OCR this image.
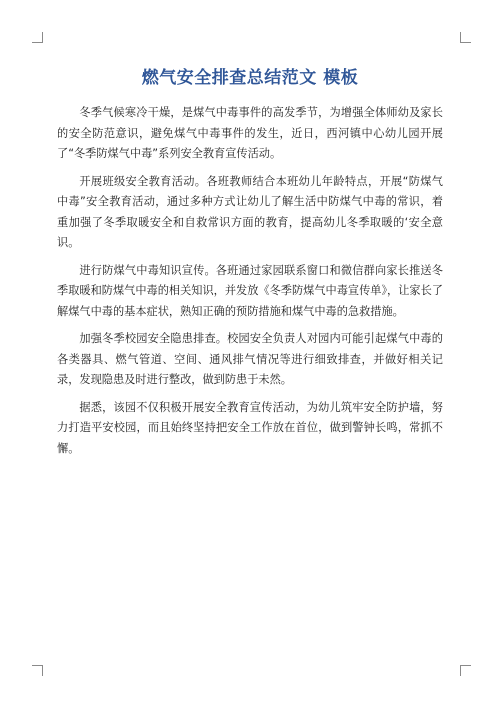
燃气安全排查总结范文 模板

冬季气候寒冷干燥，是煤气中毒事件的高发季节，为增强全体师幼及家长的安全防范意识，避免煤气中毒事件的发生，近日，西河镇中心幼儿园开展了“冬季防煤气中毒”系列安全教育宣传活动。

开展班级安全教育活动。各班教师结合本班幼儿年龄特点，开展“防煤气中毒”安全教育活动，通过多种方式让幼儿了解生活中防煤气中毒的常识，着重加强了冬季取暖安全和自救常识方面的教育，提高幼儿冬季取暖的‘安全意识。

进行防煤气中毒知识宣传。各班通过家园联系窗口和微信群向家长推送冬季取暖和防煤气中毒的相关知识，并发放《冬季防煤气中毒宣传单》，让家长了解煤气中毒的基本症状，熟知正确的预防措施和煤气中毒的急救措施。

加强冬季校园安全隐患排查。校园安全负责人对园内可能引起煤气中毒的各类器具、燃气管道、空间、通风排气情况等进行细致排查，并做好相关记录，发现隐患及时进行整改，做到防患于未然。

据悉，该园不仅积极开展安全教育宣传活动，为幼儿筑牢安全防护墙，努力打造平安校园，而且始终坚持把安全工作放在首位，做到警钟长鸣，常抓不懈。
